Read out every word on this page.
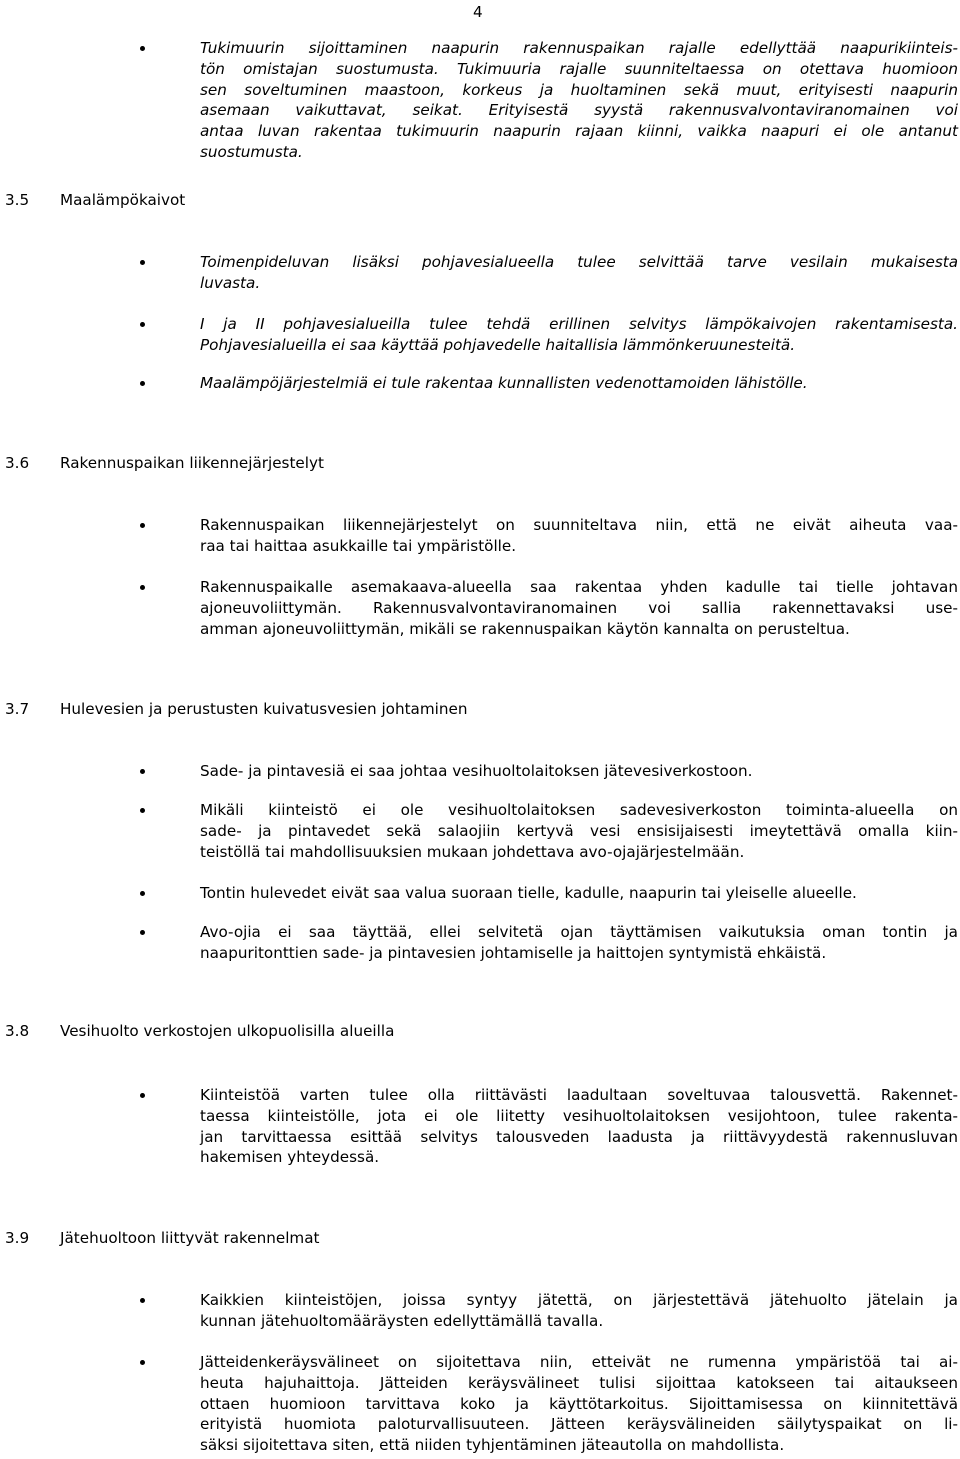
4
Tukimuurin sijoittaminen naapurin rakennuspaikan rajalle edellyttää naapurikiinteis-
tön omistajan suostumusta. Tukimuuria rajalle suunniteltaessa on otettava huomioon
sen soveltuminen maastoon, korkeus ja huoltaminen sekä muut, erityisesti naapurin
asemaan vaikuttavat, seikat. Erityisestä syystä rakennusvalvontaviranomainen voi
antaa luvan rakentaa tukimuurin naapurin rajaan kiinni, vaikka naapuri ei ole antanut
suostumusta.
3.5 Maalämpökaivot
Toimenpideluvan lisäksi pohjavesialueella tulee selvittää tarve vesilain mukaisesta
luvasta.
I ja II pohjavesialueilla tulee tehdä erillinen selvitys lämpökaivojen rakentamisesta.
Pohjavesialueilla ei saa käyttää pohjavedelle haitallisia lämmönkeruunesteitä.
Maalämpöjärjestelmiä ei tule rakentaa kunnallisten vedenottamoiden lähistölle.
3.6 Rakennuspaikan liikennejärjestelyt
Rakennuspaikan liikennejärjestelyt on suunniteltava niin, että ne eivät aiheuta vaa-
raa tai haittaa asukkaille tai ympäristölle.
Rakennuspaikalle asemakaava-alueella saa rakentaa yhden kadulle tai tielle johtavan
ajoneuvoliittymän. Rakennusvalvontaviranomainen voi sallia rakennettavaksi use-
amman ajoneuvoliittymän, mikäli se rakennuspaikan käytön kannalta on perusteltua.
3.7 Hulevesien ja perustusten kuivatusvesien johtaminen
Sade- ja pintavesiä ei saa johtaa vesihuoltolaitoksen jätevesiverkostoon.
Mikäli kiinteistö ei ole vesihuoltolaitoksen sadevesiverkoston toiminta-alueella on
sade- ja pintavedet sekä salaojiin kertyvä vesi ensisijaisesti imeytettävä omalla kiin-
teistöllä tai mahdollisuuksien mukaan johdettava avo-ojajärjestelmään.
Tontin hulevedet eivät saa valua suoraan tielle, kadulle, naapurin tai yleiselle alueelle.
Avo-ojia ei saa täyttää, ellei selvitetä ojan täyttämisen vaikutuksia oman tontin ja
naapuritonttien sade- ja pintavesien johtamiselle ja haittojen syntymistä ehkäistä.
3.8 Vesihuolto verkostojen ulkopuolisilla alueilla
Kiinteistöä varten tulee olla riittävästi laadultaan soveltuvaa talousvettä. Rakennet-
taessa kiinteistölle, jota ei ole liitetty vesihuoltolaitoksen vesijohtoon, tulee rakenta-
jan tarvittaessa esittää selvitys talousveden laadusta ja riittävyydestä rakennusluvan
hakemisen yhteydessä.
3.9 Jätehuoltoon liittyvät rakennelmat
Kaikkien kiinteistöjen, joissa syntyy jätettä, on järjestettävä jätehuolto jätelain ja
kunnan jätehuoltomääräysten edellyttämällä tavalla.
Jätteidenkeräysvälineet on sijoitettava niin, etteivät ne rumenna ympäristöä tai ai-
heuta hajuhaittoja. Jätteiden keräysvälineet tulisi sijoittaa katokseen tai aitaukseen
ottaen huomioon tarvittava koko ja käyttötarkoitus. Sijoittamisessa on kiinnitettävä
erityistä huomiota paloturvallisuuteen. Jätteen keräysvälineiden säilytyspaikat on li-
säksi sijoitettava siten, että niiden tyhjentäminen jäteautolla on mahdollista.
